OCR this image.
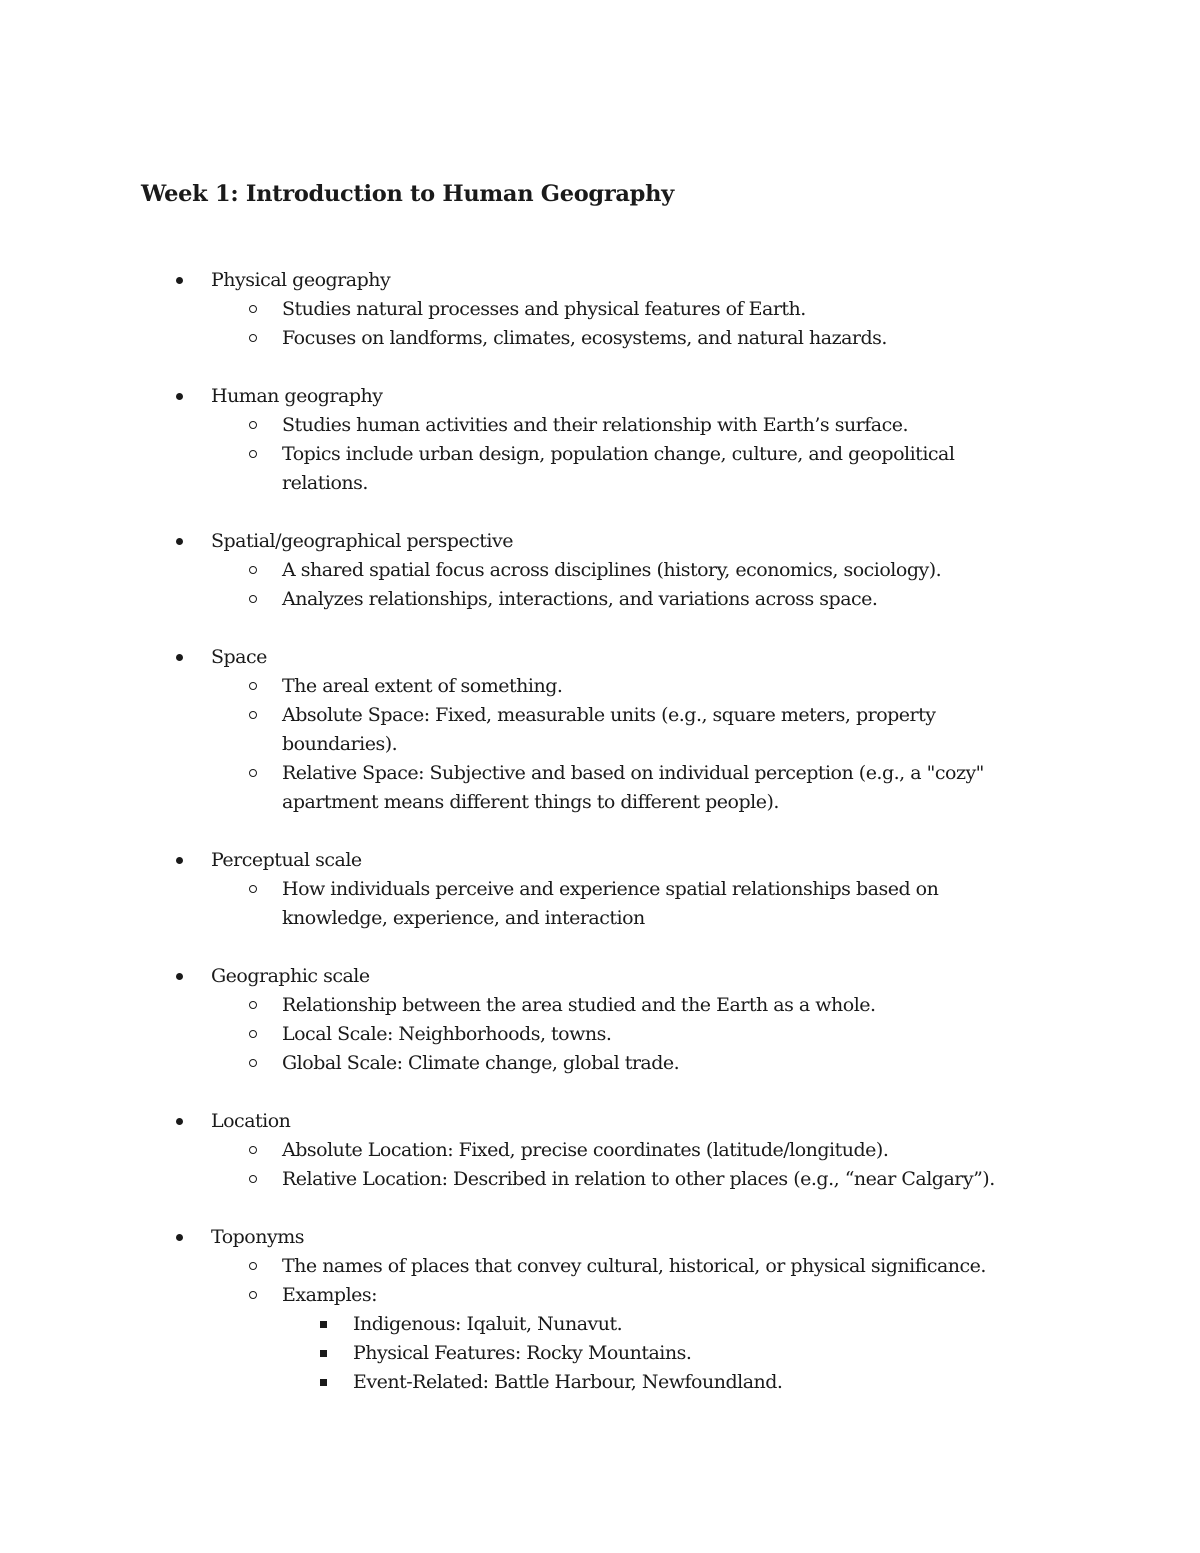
Week 1: Introduction to Human Geography
Physical geography
Studies natural processes and physical features of Earth.
Focuses on landforms, climates, ecosystems, and natural hazards.
Human geography
Studies human activities and their relationship with Earth’s surface.
Topics include urban design, population change, culture, and geopolitical
relations.
Spatial/geographical perspective
A shared spatial focus across disciplines (history, economics, sociology).
Analyzes relationships, interactions, and variations across space.
Space
The areal extent of something.
Absolute Space: Fixed, measurable units (e.g., square meters, property
boundaries).
Relative Space: Subjective and based on individual perception (e.g., a "cozy"
apartment means different things to different people).
Perceptual scale
How individuals perceive and experience spatial relationships based on
knowledge, experience, and interaction
Geographic scale
Relationship between the area studied and the Earth as a whole.
Local Scale: Neighborhoods, towns.
Global Scale: Climate change, global trade.
Location
Absolute Location: Fixed, precise coordinates (latitude/longitude).
Relative Location: Described in relation to other places (e.g., “near Calgary”).
Toponyms
The names of places that convey cultural, historical, or physical significance.
Examples:
Indigenous: Iqaluit, Nunavut.
Physical Features: Rocky Mountains.
Event-Related: Battle Harbour, Newfoundland.
